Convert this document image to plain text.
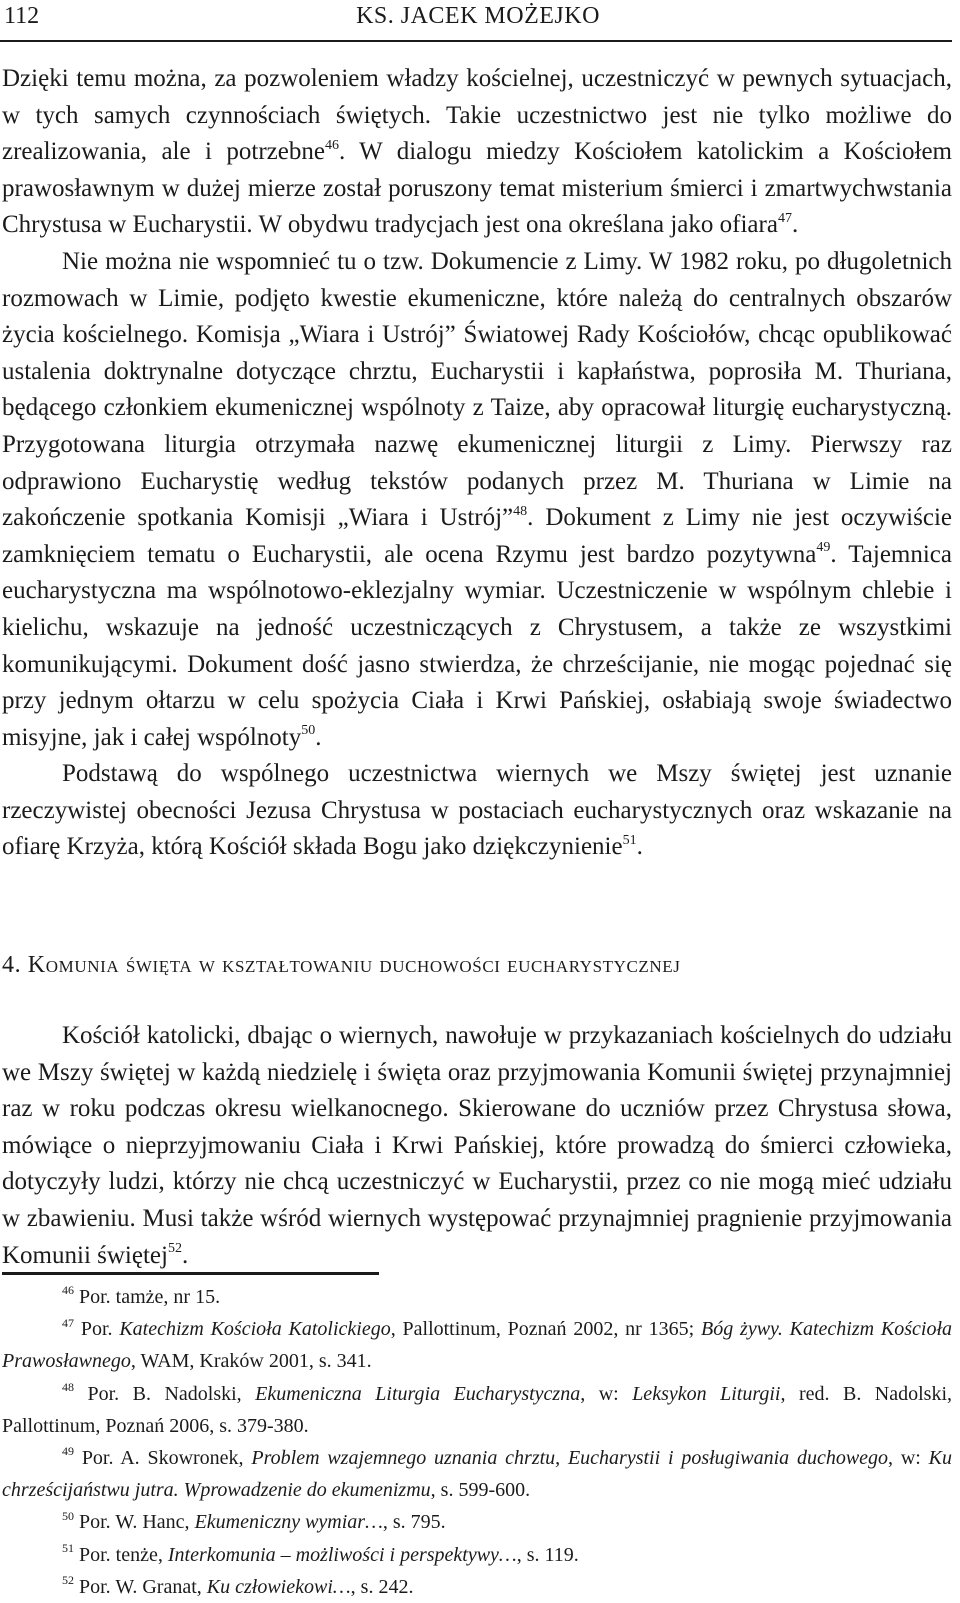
112	KS. JACEK MOŻEJKO

Dzięki temu można, za pozwoleniem władzy kościelnej, uczestniczyć w pewnych sytuacjach, w tych samych czynnościach świętych. Takie uczestnictwo jest nie tylko możliwe do zrealizowania, ale i potrzebne$^{46}$. W dialogu miedzy Kościołem katolickim a Kościołem prawosławnym w dużej mierze został poruszony temat misterium śmierci i zmartwychwstania Chrystusa w Eucharystii. W obydwu tradycjach jest ona określana jako ofiara$^{47}$.

Nie można nie wspomnieć tu o tzw. Dokumencie z Limy. W 1982 roku, po długoletnich rozmowach w Limie, podjęto kwestie ekumeniczne, które należą do centralnych obszarów życia kościelnego. Komisja „Wiara i Ustrój” Światowej Rady Kościołów, chcąc opublikować ustalenia doktrynalne dotyczące chrztu, Eucharystii i kapłaństwa, poprosiła M. Thuriana, będącego członkiem ekumenicznej wspólnoty z Taize, aby opracował liturgię eucharystyczną. Przygotowana liturgia otrzymała nazwę ekumenicznej liturgii z Limy. Pierwszy raz odprawiono Eucharystię według tekstów podanych przez M. Thuriana w Limie na zakończenie spotkania Komisji „Wiara i Ustrój”$^{48}$. Dokument z Limy nie jest oczywiście zamknięciem tematu o Eucharystii, ale ocena Rzymu jest bardzo pozytywna$^{49}$. Tajemnica eucharystyczna ma wspólnotowo-eklezjalny wymiar. Uczestniczenie w wspólnym chlebie i kielichu, wskazuje na jedność uczestniczących z Chrystusem, a także ze wszystkimi komunikującymi. Dokument dość jasno stwierdza, że chrześcijanie, nie mogąc pojednać się przy jednym ołtarzu w celu spożycia Ciała i Krwi Pańskiej, osłabiają swoje świadectwo misyjne, jak i całej wspólnoty$^{50}$.

Podstawą do wspólnego uczestnictwa wiernych we Mszy świętej jest uznanie rzeczywistej obecności Jezusa Chrystusa w postaciach eucharystycznych oraz wskazanie na ofiarę Krzyża, którą Kościół składa Bogu jako dziękczynienie$^{51}$.

4. Komunia święta w kształtowaniu duchowości eucharystycznej

Kościół katolicki, dbając o wiernych, nawołuje w przykazaniach kościelnych do udziału we Mszy świętej w każdą niedzielę i święta oraz przyjmowania Komunii świętej przynajmniej raz w roku podczas okresu wielkanocnego. Skierowane do uczniów przez Chrystusa słowa, mówiące o nieprzyjmowaniu Ciała i Krwi Pańskiej, które prowadzą do śmierci człowieka, dotyczyły ludzi, którzy nie chcą uczestniczyć w Eucharystii, przez co nie mogą mieć udziału w zbawieniu. Musi także wśród wiernych występować przynajmniej pragnienie przyjmowania Komunii świętej$^{52}$.

$^{46}$ Por. tamże, nr 15.

$^{47}$ Por. Katechizm Kościoła Katolickiego, Pallottinum, Poznań 2002, nr 1365; Bóg żywy. Katechizm Kościoła Prawosławnego, WAM, Kraków 2001, s. 341.

$^{48}$ Por. B. Nadolski, Ekumeniczna Liturgia Eucharystyczna, w: Leksykon Liturgii, red. B. Nadolski, Pallottinum, Poznań 2006, s. 379-380.

$^{49}$ Por. A. Skowronek, Problem wzajemnego uznania chrztu, Eucharystii i posługiwania duchowego, w: Ku chrześcijaństwu jutra. Wprowadzenie do ekumenizmu, s. 599-600.

$^{50}$ Por. W. Hanc, Ekumeniczny wymiar…, s. 795.

$^{51}$ Por. tenże, Interkomunia – możliwości i perspektywy…, s. 119.

$^{52}$ Por. W. Granat, Ku człowiekowi…, s. 242.
